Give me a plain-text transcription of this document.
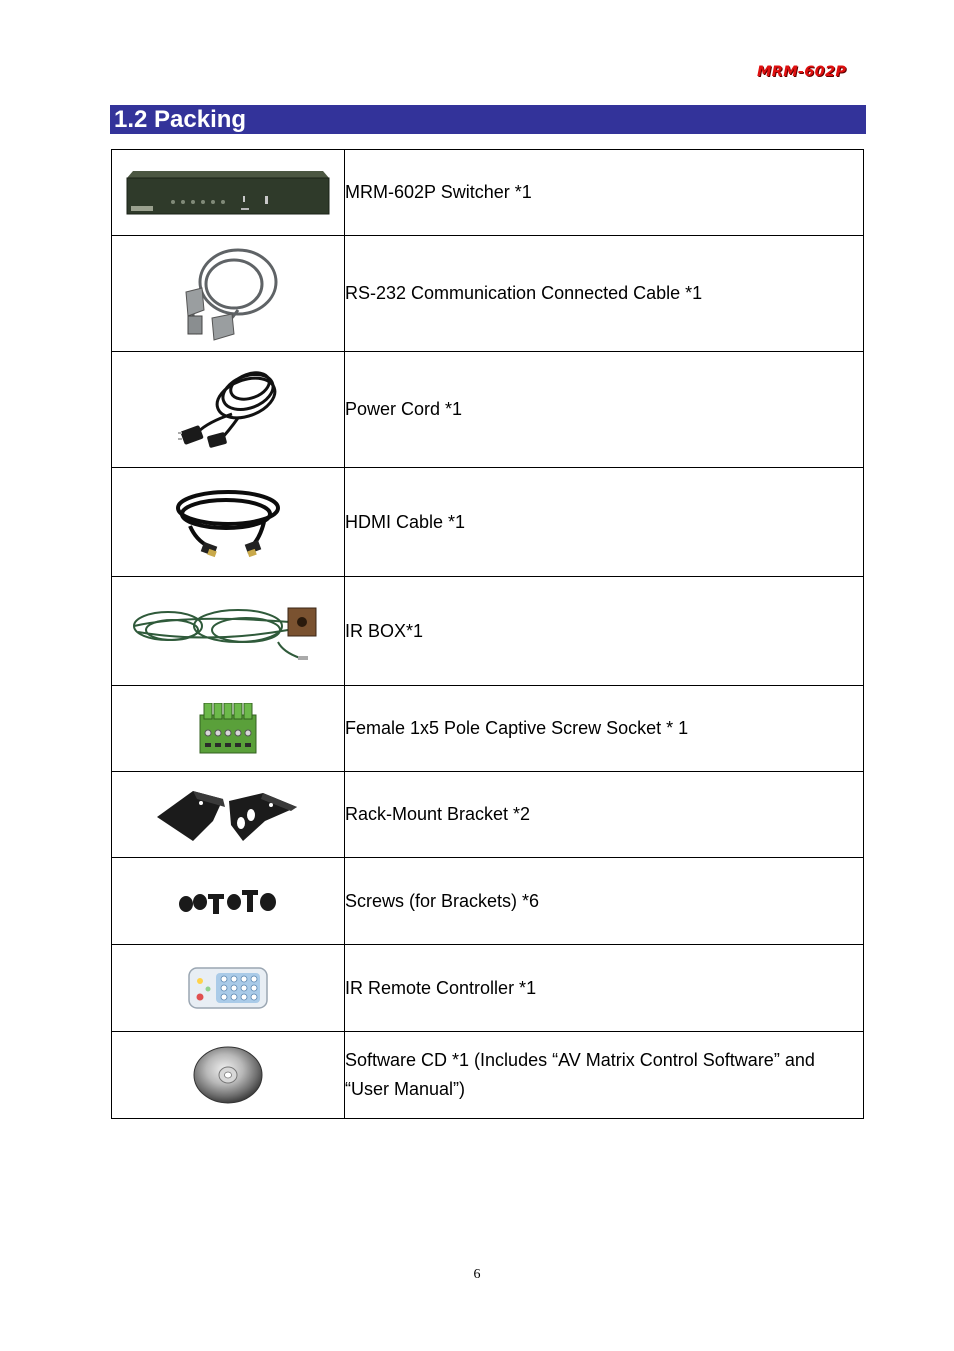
MRM-602P
1.2 Packing
	MRM-602P Switcher *1

	RS-232 Communication Connected Cable *1

	Power Cord *1

	HDMI Cable *1

	IR BOX*1

	Female 1x5 Pole Captive Screw Socket * 1

	Rack-Mount Bracket *2

	Screws (for Brackets) *6

	IR Remote Controller *1

	Software CD *1 (Includes “AV Matrix Control Software” and “User Manual”)
6
